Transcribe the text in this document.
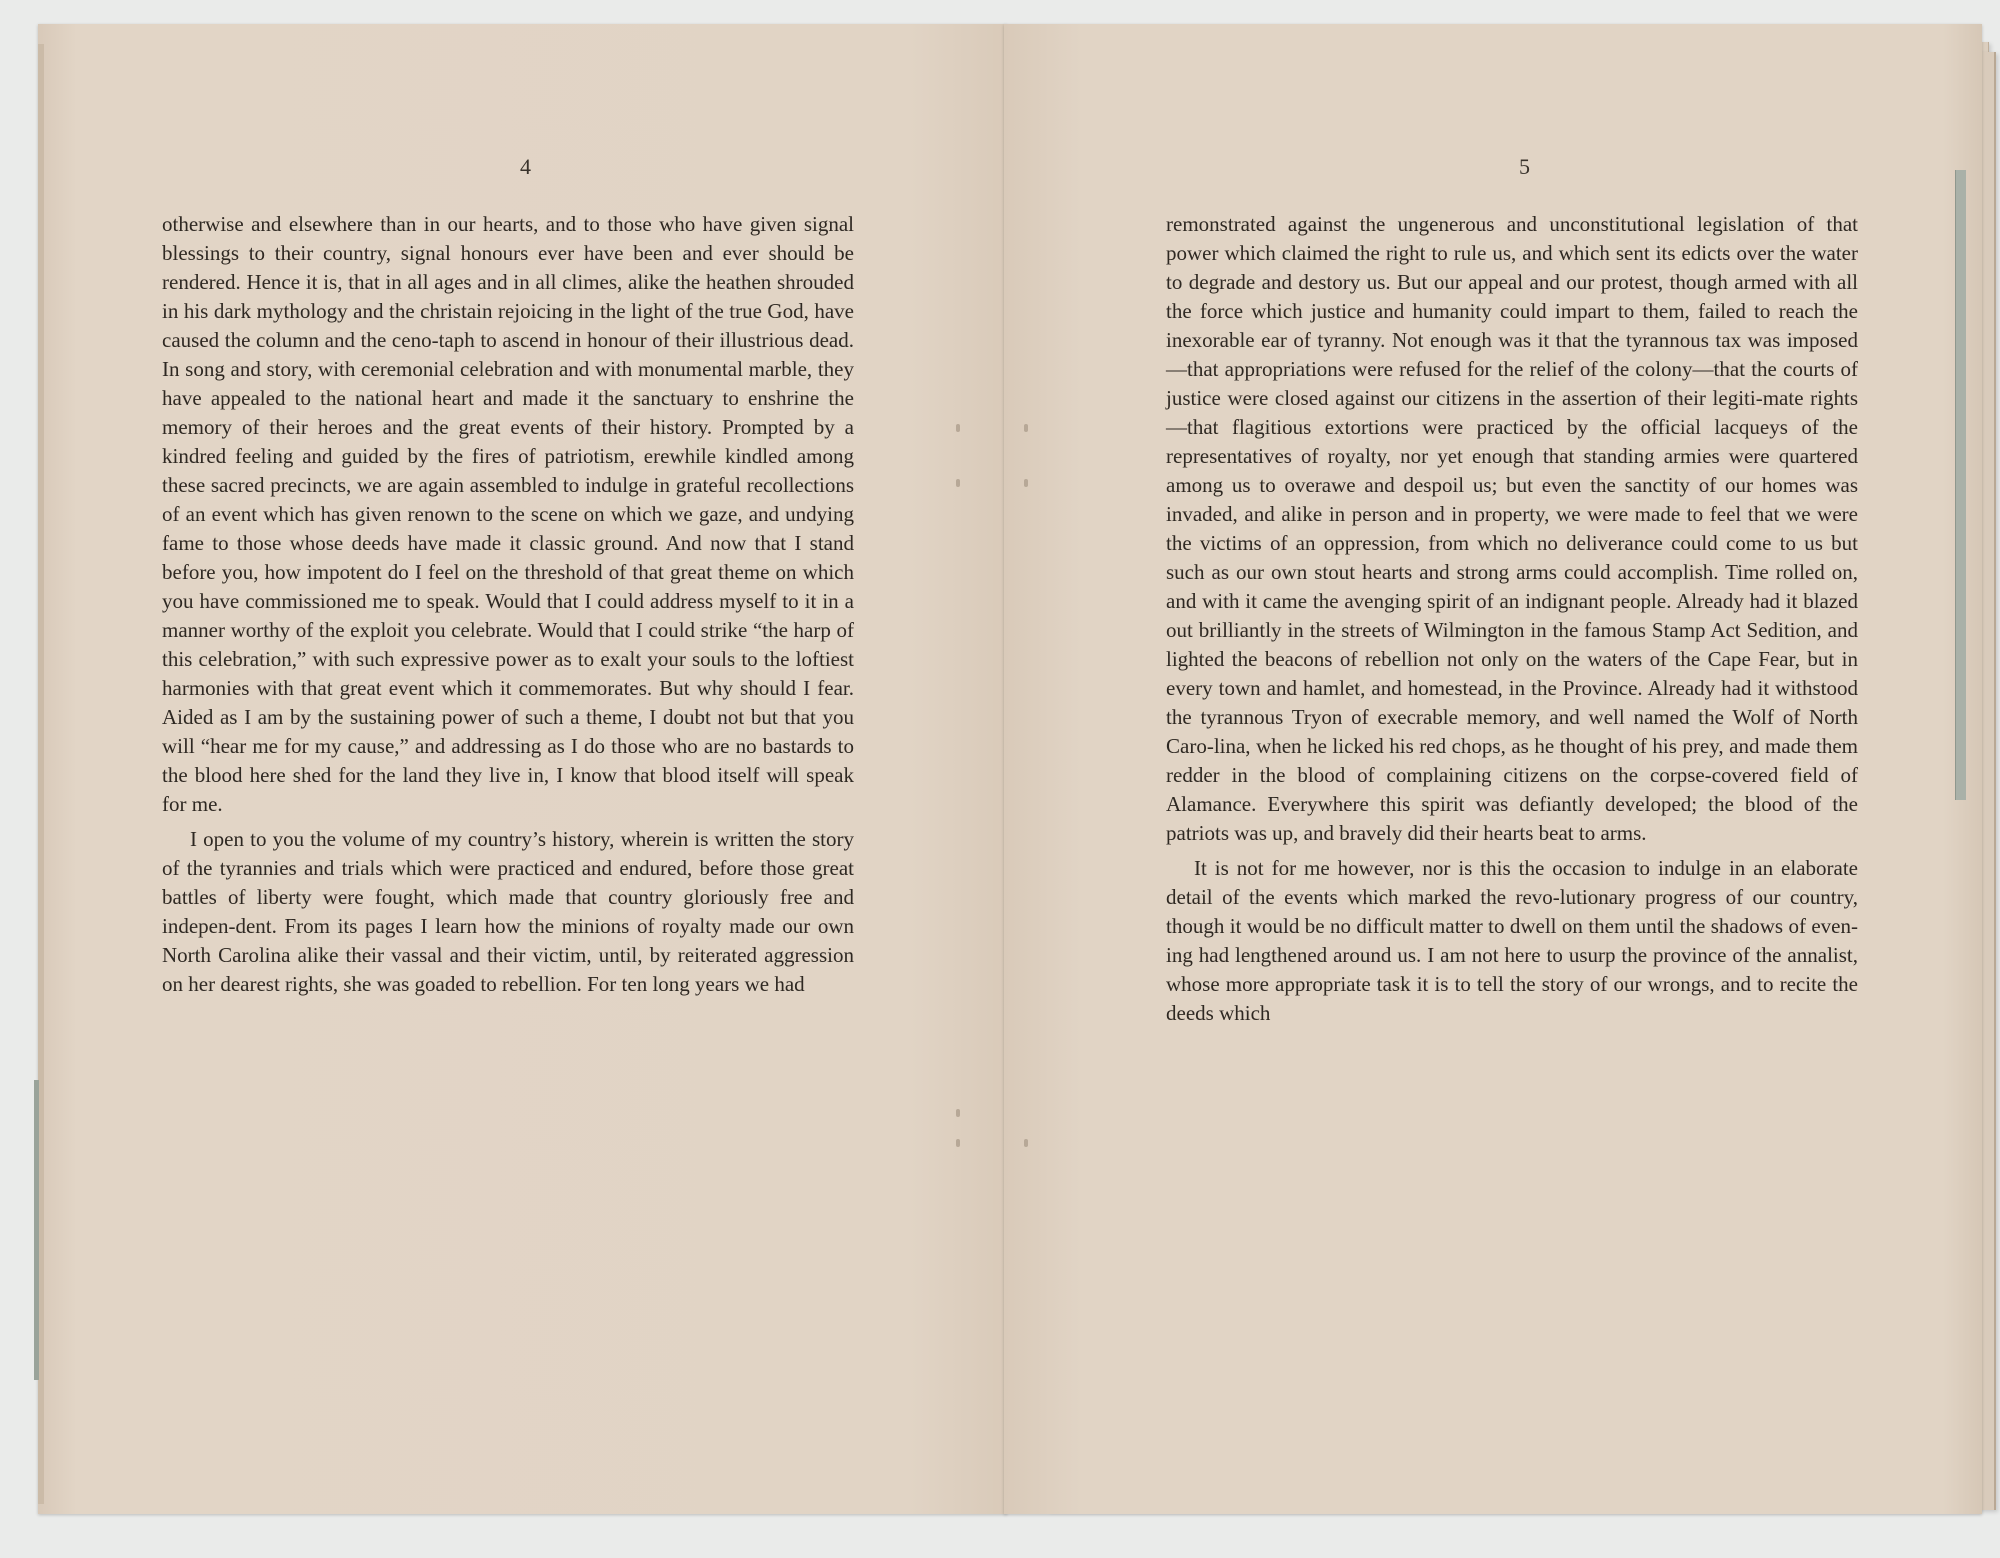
4	5

otherwise and elsewhere than in our hearts, and to those who have given signal blessings to their country, signal honours ever have been and ever should be rendered. Hence it is, that in all ages and in all climes, alike the heathen shrouded in his dark mythology and the christain rejoicing in the light of the true God, have caused the column and the ceno-taph to ascend in honour of their illustrious dead. In song and story, with ceremonial celebration and with monumental marble, they have appealed to the national heart and made it the sanctuary to enshrine the memory of their heroes and the great events of their history. Prompted by a kindred feeling and guided by the fires of patriotism, erewhile kindled among these sacred precincts, we are again assembled to indulge in grateful recollections of an event which has given renown to the scene on which we gaze, and undying fame to those whose deeds have made it classic ground. And now that I stand before you, how impotent do I feel on the threshold of that great theme on which you have commissioned me to speak. Would that I could address myself to it in a manner worthy of the exploit you celebrate. Would that I could strike “the harp of this celebration,” with such expressive power as to exalt your souls to the loftiest harmonies with that great event which it commemorates. But why should I fear. Aided as I am by the sustaining power of such a theme, I doubt not but that you will “hear me for my cause,” and addressing as I do those who are no bastards to the blood here shed for the land they live in, I know that blood itself will speak for me.

I open to you the volume of my country’s history, wherein is written the story of the tyrannies and trials which were practiced and endured, before those great battles of liberty were fought, which made that country gloriously free and indepen-dent. From its pages I learn how the minions of royalty made our own North Carolina alike their vassal and their victim, until, by reiterated aggression on her dearest rights, she was goaded to rebellion. For ten long years we had

remonstrated against the ungenerous and unconstitutional legislation of that power which claimed the right to rule us, and which sent its edicts over the water to degrade and destory us. But our appeal and our protest, though armed with all the force which justice and humanity could impart to them, failed to reach the inexorable ear of tyranny. Not enough was it that the tyrannous tax was imposed—that appropriations were refused for the relief of the colony—that the courts of justice were closed against our citizens in the assertion of their legiti-mate rights—that flagitious extortions were practiced by the official lacqueys of the representatives of royalty, nor yet enough that standing armies were quartered among us to overawe and despoil us; but even the sanctity of our homes was invaded, and alike in person and in property, we were made to feel that we were the victims of an oppression, from which no deliverance could come to us but such as our own stout hearts and strong arms could accomplish. Time rolled on, and with it came the avenging spirit of an indignant people. Already had it blazed out brilliantly in the streets of Wilmington in the famous Stamp Act Sedition, and lighted the beacons of rebellion not only on the waters of the Cape Fear, but in every town and hamlet, and homestead, in the Province. Already had it withstood the tyrannous Tryon of execrable memory, and well named the Wolf of North Caro-lina, when he licked his red chops, as he thought of his prey, and made them redder in the blood of complaining citizens on the corpse-covered field of Alamance. Everywhere this spirit was defiantly developed; the blood of the patriots was up, and bravely did their hearts beat to arms.

It is not for me however, nor is this the occasion to indulge in an elaborate detail of the events which marked the revo-lutionary progress of our country, though it would be no difficult matter to dwell on them until the shadows of even-ing had lengthened around us. I am not here to usurp the province of the annalist, whose more appropriate task it is to tell the story of our wrongs, and to recite the deeds which
